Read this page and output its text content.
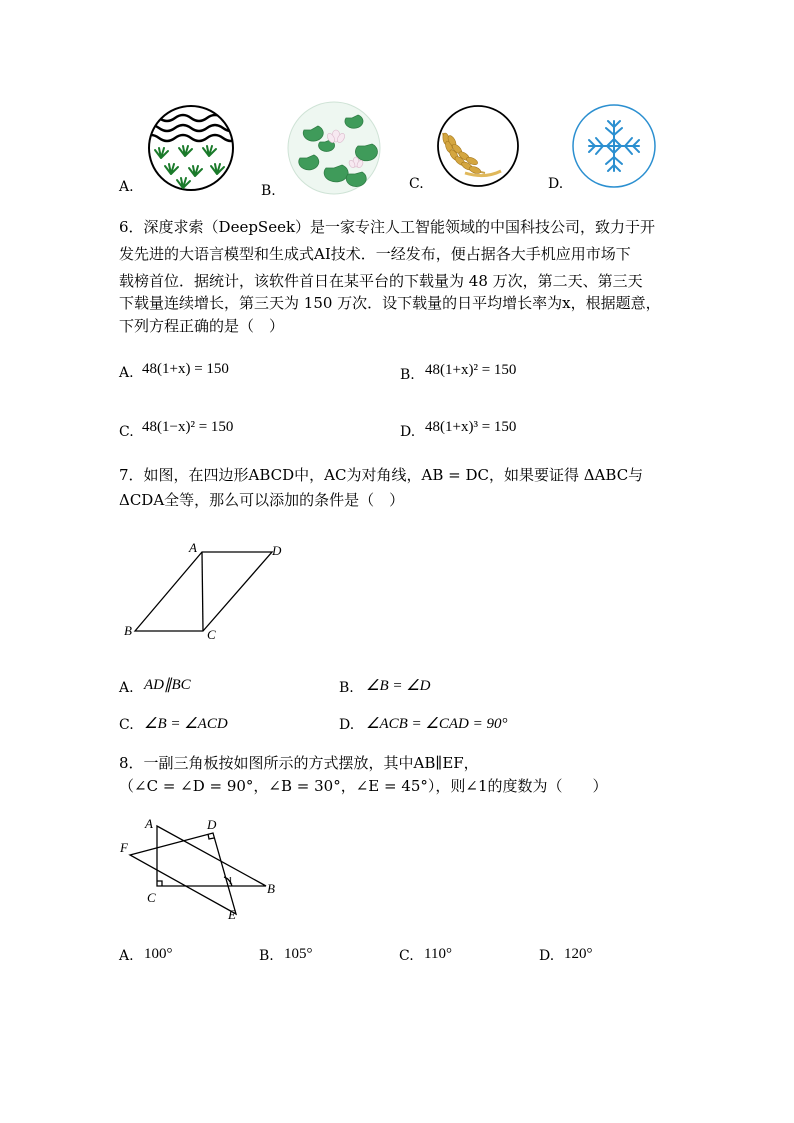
A.	B.	C.	D.
6．深度求索（DeepSeek）是一家专注人工智能领域的中国科技公司，致力于开
发先进的大语言模型和生成式AI技术．一经发布，便占据各大手机应用市场下
载榜首位．据统计，该软件首日在某平台的下载量为 48 万次，第二天、第三天
下载量连续增长，第三天为 150 万次．设下载量的日平均增长率为x，根据题意，
下列方程正确的是（　）
A. 48(1+x) = 150	B. 48(1+x)² = 150
C. 48(1−x)² = 150	D. 48(1+x)³ = 150
7．如图，在四边形ABCD中，AC为对角线，AB = DC，如果要证得 ΔABC与
ΔCDA全等，那么可以添加的条件是（　）
A	D
B	C
A. AD∥BC	B. ∠B = ∠D
C. ∠B = ∠ACD	D. ∠ACB = ∠CAD = 90°
8．一副三角板按如图所示的方式摆放，其中AB∥EF，
（∠C = ∠D = 90°，∠B = 30°，∠E = 45°），则∠1的度数为（　　）
A	D
F
C
B
E
1
A. 100°	B. 105°	C. 110°	D. 120°
